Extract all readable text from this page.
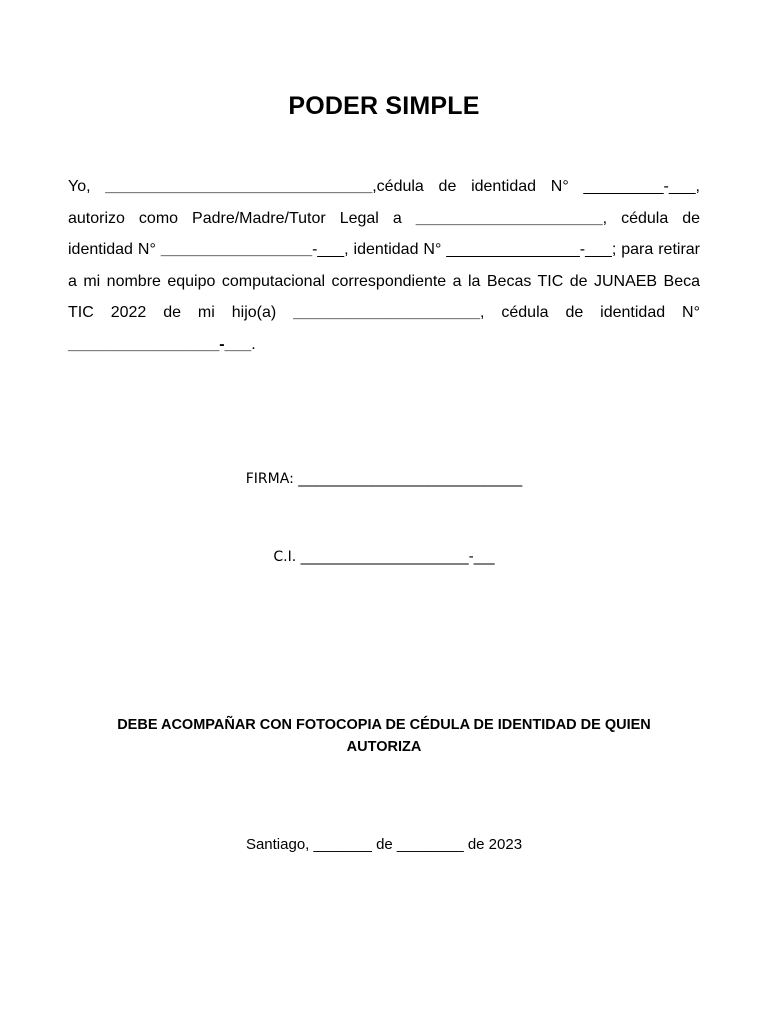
PODER SIMPLE
Yo, ______________________________,cédula de identidad N° _________-___, autorizo como Padre/Madre/Tutor Legal a _____________________, cédula de identidad N° _________________-___, identidad N° _______________-___; para retirar a mi nombre equipo computacional correspondiente a la Becas TIC de JUNAEB Beca TIC 2022 de mi hijo(a) _____________________, cédula de identidad N° _________________-___.
FIRMA: ________________________________
C.I. ________________________-___
DEBE ACOMPAÑAR CON FOTOCOPIA DE CÉDULA DE IDENTIDAD DE QUIEN
AUTORIZA
Santiago, _______ de ________ de 2023
